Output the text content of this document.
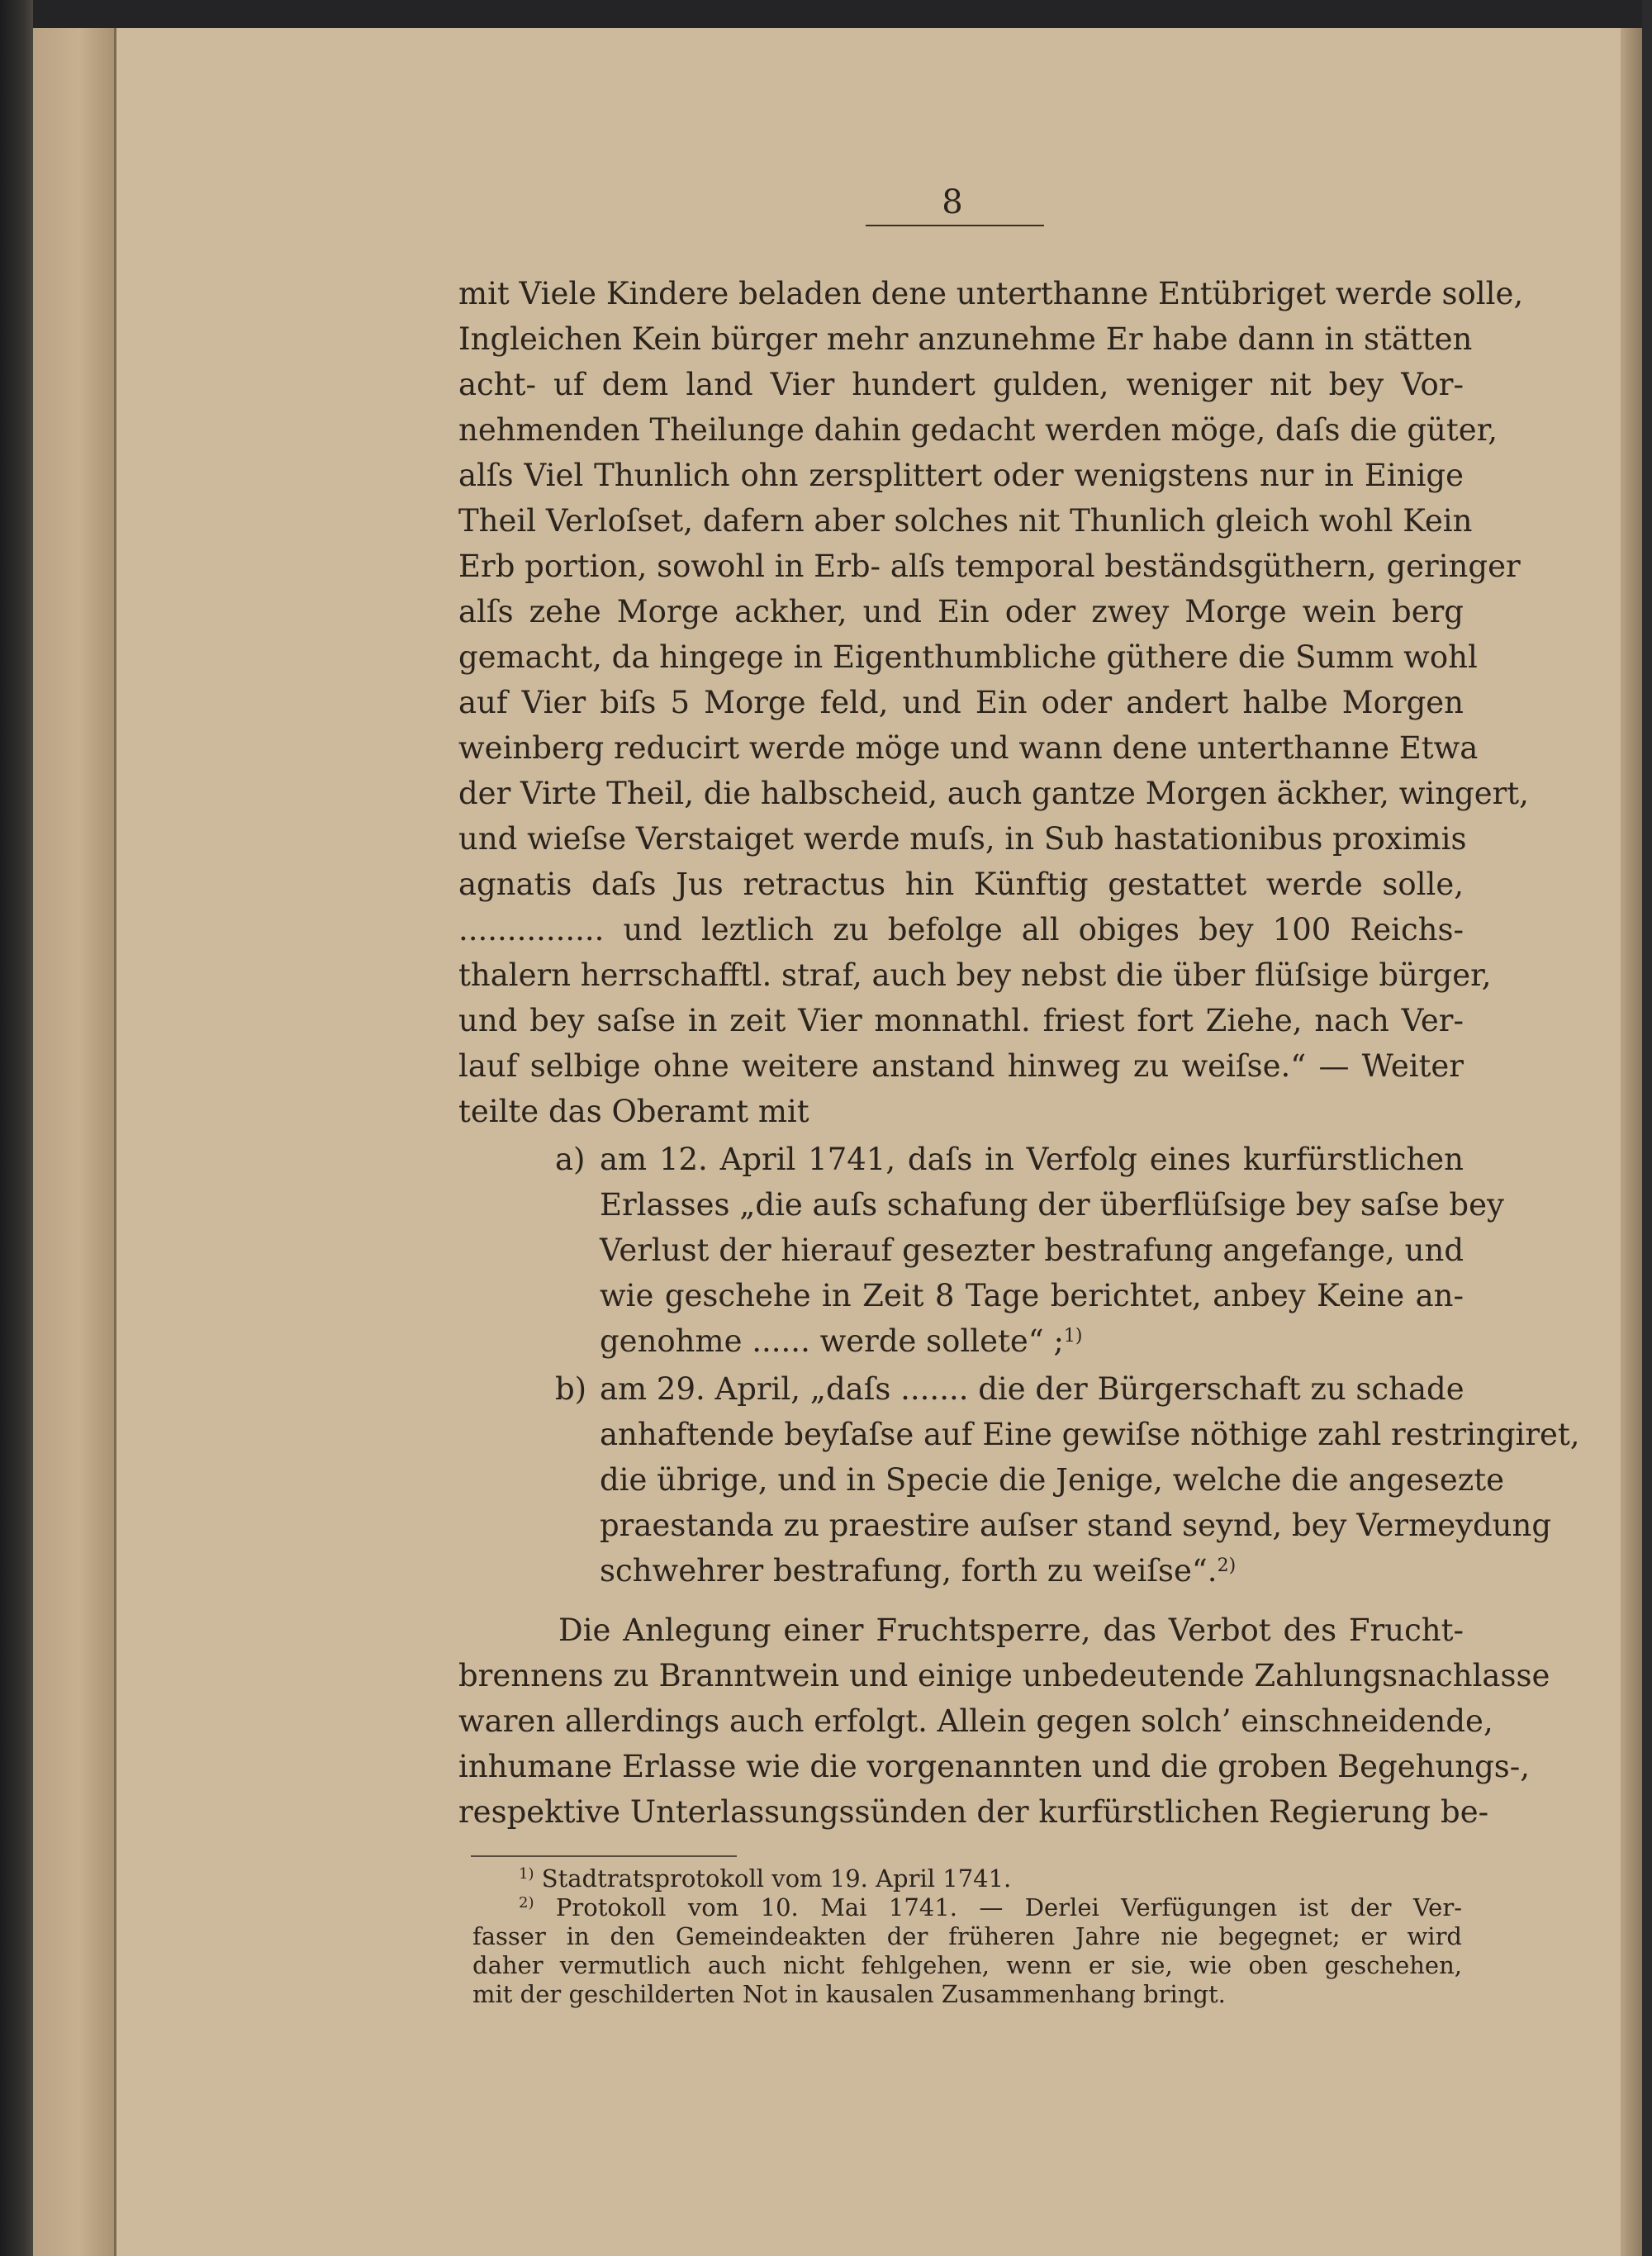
8
mit Viele Kindere beladen dene unterthanne Entübriget werde solle,
Ingleichen Kein bürger mehr anzunehme Er habe dann in stätten
acht- uf dem land Vier hundert gulden, weniger nit bey Vor-
nehmenden Theilunge dahin gedacht werden möge, daſs die güter,
alſs Viel Thunlich ohn zersplittert oder wenigstens nur in Einige
Theil Verloſset, dafern aber solches nit Thunlich gleich wohl Kein
Erb portion, sowohl in Erb- alſs temporal beständsgüthern, geringer
alſs zehe Morge ackher, und Ein oder zwey Morge wein berg
gemacht, da hingege in Eigenthumbliche güthere die Summ wohl
auf Vier biſs 5 Morge feld, und Ein oder andert halbe Morgen
weinberg reducirt werde möge und wann dene unterthanne Etwa
der Virte Theil, die halbscheid, auch gantze Morgen äckher, wingert,
und wieſse Verstaiget werde muſs, in Sub hastationibus proximis
agnatis daſs Jus retractus hin Künftig gestattet werde solle,
............... und leztlich zu befolge all obiges bey 100 Reichs-
thalern herrschafftl. straf, auch bey nebst die über flüſsige bürger,
und bey saſse in zeit Vier monnathl. friest fort Ziehe, nach Ver-
lauf selbige ohne weitere anstand hinweg zu weiſse.“ — Weiter
teilte das Oberamt mit
a) am 12. April 1741, daſs in Verfolg eines kurfürstlichen
Erlasses „die auſs schafung der überflüſsige bey saſse bey
Verlust der hierauf gesezter bestrafung angefange, und
wie geschehe in Zeit 8 Tage berichtet, anbey Keine an-
genohme ...... werde sollete“ ;$^{1)}$
b) am 29. April, „daſs ....... die der Bürgerschaft zu schade
anhaftende beyſaſse auf Eine gewiſse nöthige zahl restringiret,
die übrige, und in Specie die Jenige, welche die angesezte
praestanda zu praestire auſser stand seynd, bey Vermeydung
schwehrer bestrafung, forth zu weiſse“.$^{2)}$
Die Anlegung einer Fruchtsperre, das Verbot des Frucht-
brennens zu Branntwein und einige unbedeutende Zahlungsnachlasse
waren allerdings auch erfolgt. Allein gegen solch’ einschneidende,
inhumane Erlasse wie die vorgenannten und die groben Begehungs-,
respektive Unterlassungssünden der kurfürstlichen Regierung be-
$^{1)}$ Stadtratsprotokoll vom 19. April 1741.
$^{2)}$ Protokoll vom 10. Mai 1741. — Derlei Verfügungen ist der Ver-
fasser in den Gemeindeakten der früheren Jahre nie begegnet; er wird
daher vermutlich auch nicht fehlgehen, wenn er sie, wie oben geschehen,
mit der geschilderten Not in kausalen Zusammenhang bringt.
